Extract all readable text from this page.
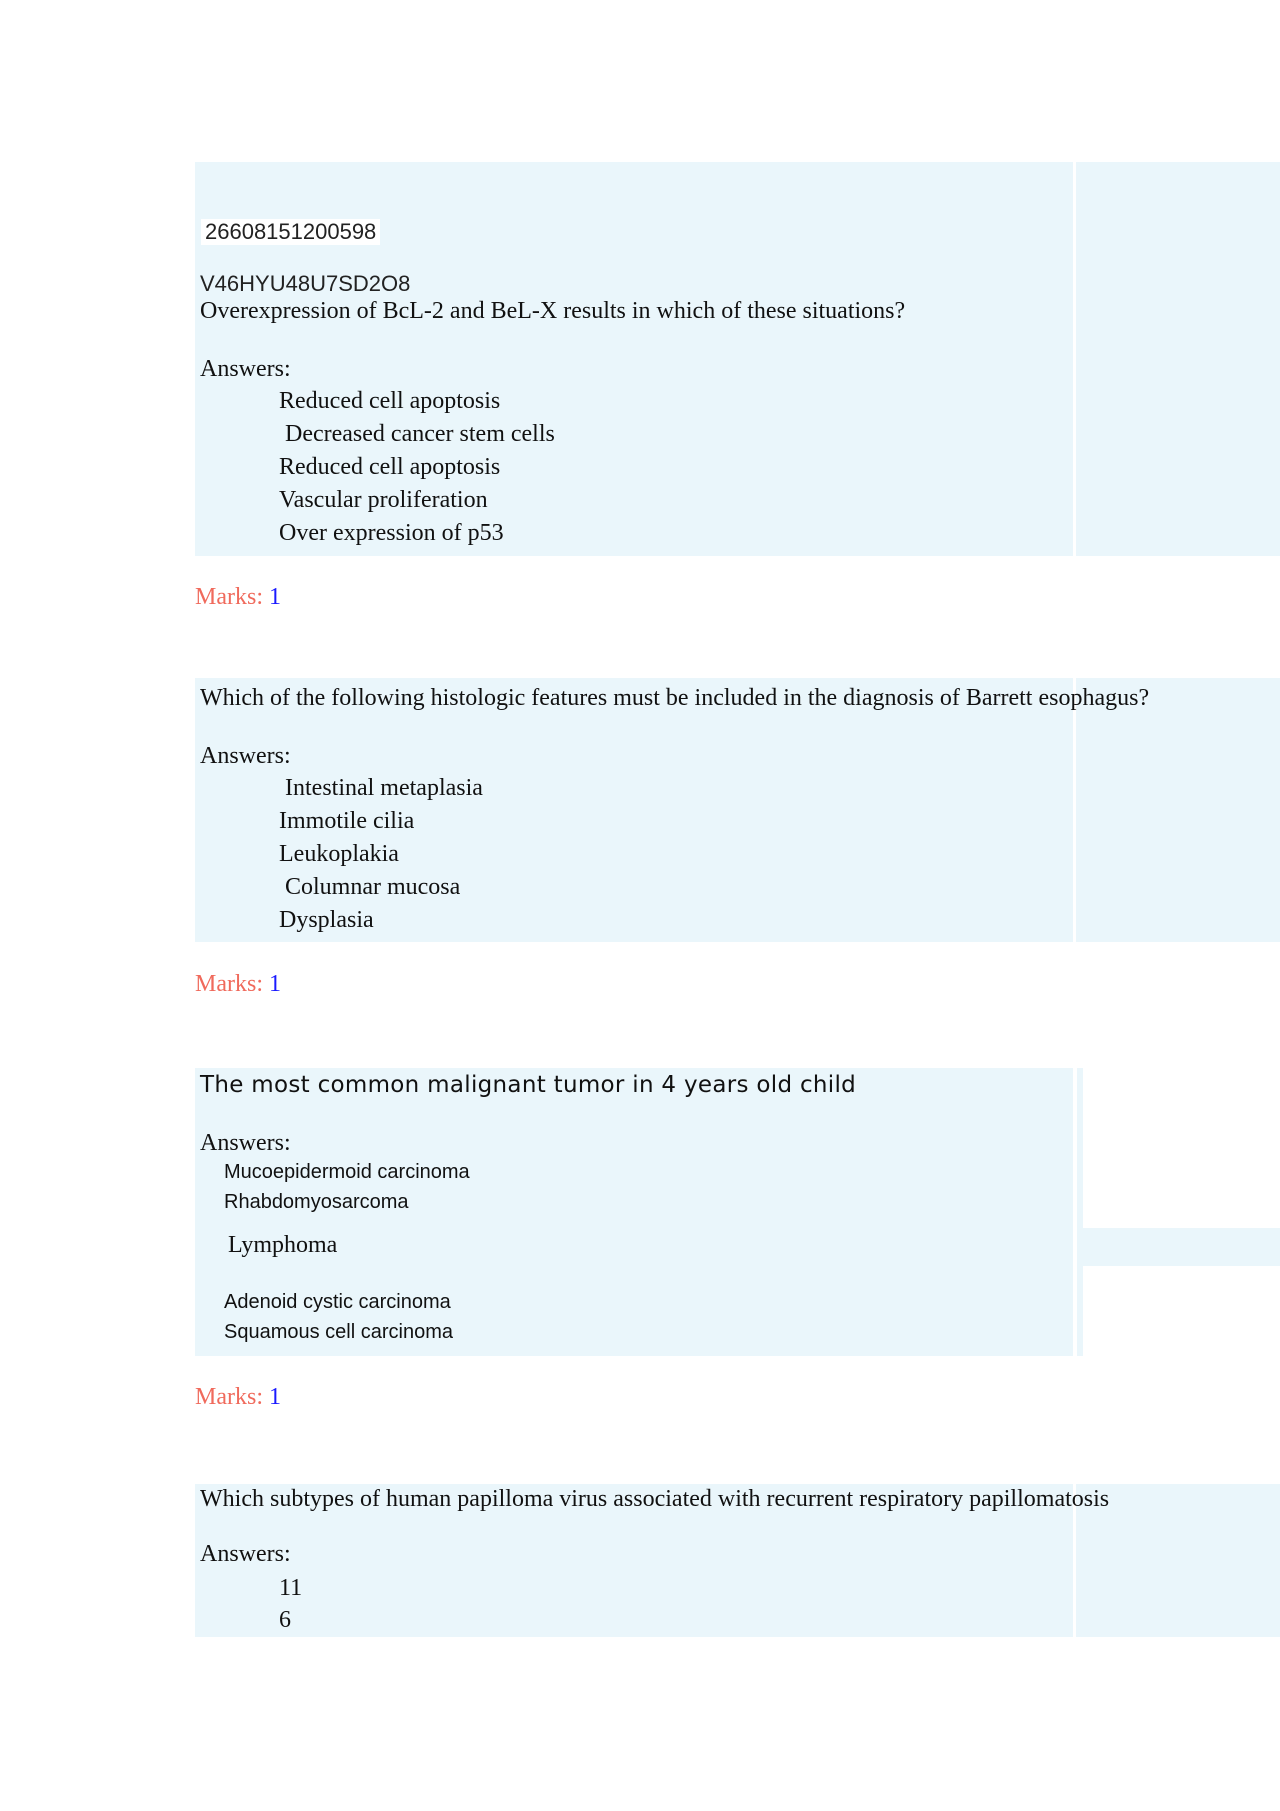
26608151200598
V46HYU48U7SD2O8
Overexpression of BcL-2 and BeL-X results in which of these situations?
Answers:
Reduced cell apoptosis
Decreased cancer stem cells
Reduced cell apoptosis
Vascular proliferation
Over expression of p53
Marks: 1
Which of the following histologic features must be included in the diagnosis of Barrett esophagus?
Answers:
Intestinal metaplasia
Immotile cilia
Leukoplakia
Columnar mucosa
Dysplasia
Marks: 1
The most common malignant tumor in 4 years old child
Answers:
Mucoepidermoid carcinoma
Rhabdomyosarcoma
Lymphoma
Adenoid cystic carcinoma
Squamous cell carcinoma
Marks: 1
Which subtypes of human papilloma virus associated with recurrent respiratory papillomatosis
Answers:
11
6
